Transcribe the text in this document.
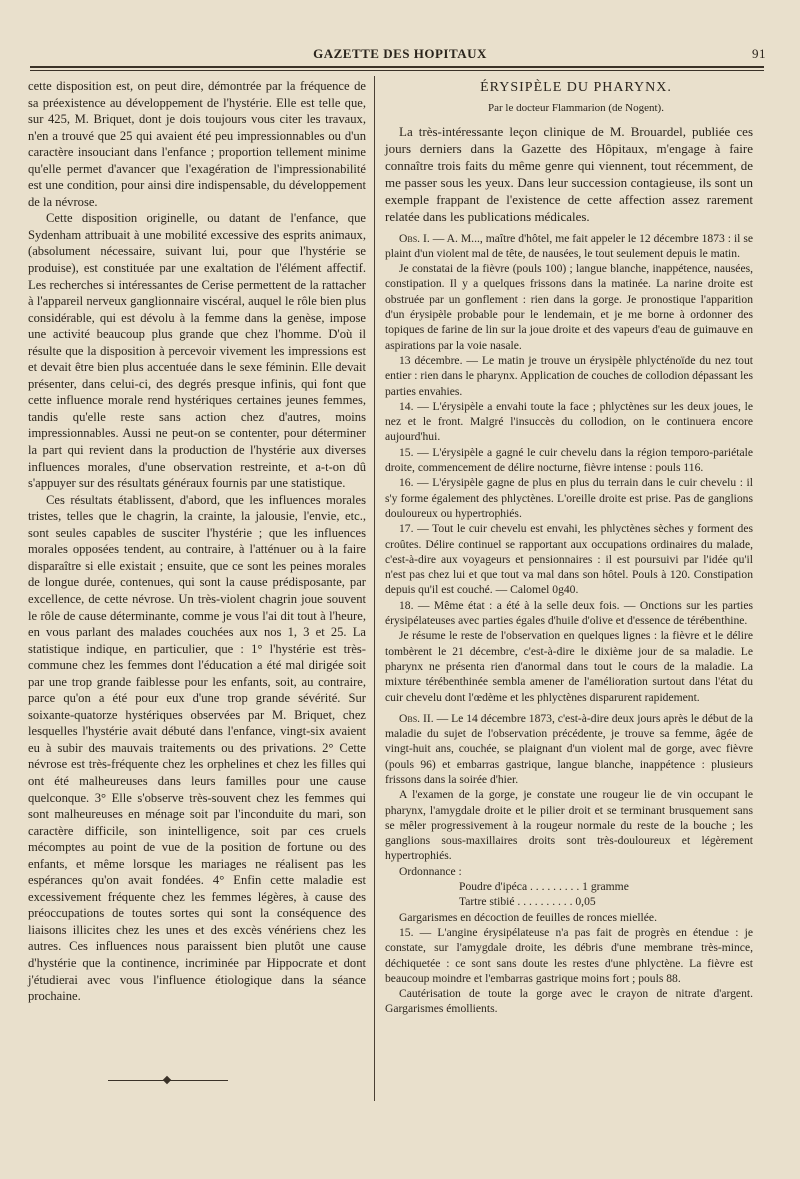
GAZETTE DES HOPITAUX	91

cette disposition est, on peut dire, démontrée par la fréquence de sa préexistence au développement de l'hystérie. Elle est telle que, sur 425, M. Briquet, dont je dois toujours vous citer les travaux, n'en a trouvé que 25 qui avaient été peu impressionnables ou d'un caractère insouciant dans l'enfance ; proportion tellement minime qu'elle permet d'avancer que l'exagération de l'impressionabilité est une condition, pour ainsi dire indispensable, du développement de la névrose.

Cette disposition originelle, ou datant de l'enfance, que Sydenham attribuait à une mobilité excessive des esprits animaux, (absolument nécessaire, suivant lui, pour que l'hystérie se produise), est constituée par une exaltation de l'élément affectif. Les recherches si intéressantes de Cerise permettent de la rattacher à l'appareil nerveux ganglionnaire viscéral, auquel le rôle bien plus considérable, qui est dévolu à la femme dans la genèse, impose une activité beaucoup plus grande que chez l'homme. D'où il résulte que la disposition à percevoir vivement les impressions est et devait être bien plus accentuée dans le sexe féminin. Elle devait présenter, dans celui-ci, des degrés presque infinis, qui font que cette influence morale rend hystériques certaines jeunes femmes, tandis qu'elle reste sans action chez d'autres, moins impressionnables. Aussi ne peut-on se contenter, pour déterminer la part qui revient dans la production de l'hystérie aux diverses influences morales, d'une observation restreinte, et a-t-on dû s'appuyer sur des résultats généraux fournis par une statistique.

Ces résultats établissent, d'abord, que les influences morales tristes, telles que le chagrin, la crainte, la jalousie, l'envie, etc., sont seules capables de susciter l'hystérie ; que les influences morales opposées tendent, au contraire, à l'atténuer ou à la faire disparaître si elle existait ; ensuite, que ce sont les peines morales de longue durée, contenues, qui sont la cause prédisposante, par excellence, de cette névrose. Un très-violent chagrin joue souvent le rôle de cause déterminante, comme je vous l'ai dit tout à l'heure, en vous parlant des malades couchées aux nos 1, 3 et 25. La statistique indique, en particulier, que : 1° l'hystérie est très-commune chez les femmes dont l'éducation a été mal dirigée soit par une trop grande faiblesse pour les enfants, soit, au contraire, parce qu'on a été pour eux d'une trop grande sévérité. Sur soixante-quatorze hystériques observées par M. Briquet, chez lesquelles l'hystérie avait débuté dans l'enfance, vingt-six avaient eu à subir des mauvais traitements ou des privations. 2° Cette névrose est très-fréquente chez les orphelines et chez les filles qui ont été malheureuses dans leurs familles pour une cause quelconque. 3° Elle s'observe très-souvent chez les femmes qui sont malheureuses en ménage soit par l'inconduite du mari, son caractère difficile, son inintelligence, soit par ces cruels mécomptes au point de vue de la position de fortune ou des enfants, et même lorsque les mariages ne réalisent pas les espérances qu'on avait fondées. 4° Enfin cette maladie est excessivement fréquente chez les femmes légères, à cause des préoccupations de toutes sortes qui sont la conséquence des liaisons illicites chez les unes et des excès vénériens chez les autres. Ces influences nous paraissent bien plutôt une cause d'hystérie que la continence, incriminée par Hippocrate et dont j'étudierai avec vous l'influence étiologique dans la séance prochaine.

ÉRYSIPÈLE DU PHARYNX.

Par le docteur Flammarion (de Nogent).

La très-intéressante leçon clinique de M. Brouardel, publiée ces jours derniers dans la Gazette des Hôpitaux, m'engage à faire connaître trois faits du même genre qui viennent, tout récemment, de me passer sous les yeux. Dans leur succession contagieuse, ils sont un exemple frappant de l'existence de cette affection assez rarement relatée dans les publications médicales.

Obs. I. — A. M..., maître d'hôtel, me fait appeler le 12 décembre 1873 : il se plaint d'un violent mal de tête, de nausées, le tout seulement depuis le matin.

Je constatai de la fièvre (pouls 100) ; langue blanche, inappétence, nausées, constipation. Il y a quelques frissons dans la matinée. La narine droite est obstruée par un gonflement : rien dans la gorge. Je pronostique l'apparition d'un érysipèle probable pour le lendemain, et je me borne à ordonner des topiques de farine de lin sur la joue droite et des vapeurs d'eau de guimauve en aspirations par la voie nasale.

13 décembre. — Le matin je trouve un érysipèle phlycténoïde du nez tout entier : rien dans le pharynx. Application de couches de collodion dépassant les parties envahies.

14. — L'érysipèle a envahi toute la face ; phlyctènes sur les deux joues, le nez et le front. Malgré l'insuccès du collodion, on le continuera encore aujourd'hui.

15. — L'érysipèle a gagné le cuir chevelu dans la région temporo-pariétale droite, commencement de délire nocturne, fièvre intense : pouls 116.

16. — L'érysipèle gagne de plus en plus du terrain dans le cuir chevelu : il s'y forme également des phlyctènes. L'oreille droite est prise. Pas de ganglions douloureux ou hypertrophiés.

17. — Tout le cuir chevelu est envahi, les phlyctènes sèches y forment des croûtes. Délire continuel se rapportant aux occupations ordinaires du malade, c'est-à-dire aux voyageurs et pensionnaires : il est poursuivi par l'idée qu'il n'est pas chez lui et que tout va mal dans son hôtel. Pouls à 120. Constipation depuis qu'il est couché. — Calomel 0g40.

18. — Même état : a été à la selle deux fois. — Onctions sur les parties érysipélateuses avec parties égales d'huile d'olive et d'essence de térébenthine.

Je résume le reste de l'observation en quelques lignes : la fièvre et le délire tombèrent le 21 décembre, c'est-à-dire le dixième jour de sa maladie. Le pharynx ne présenta rien d'anormal dans tout le cours de la maladie. La mixture térébenthinée sembla amener de l'amélioration surtout dans l'état du cuir chevelu dont l'œdème et les phlyctènes disparurent rapidement.

Obs. II. — Le 14 décembre 1873, c'est-à-dire deux jours après le début de la maladie du sujet de l'observation précédente, je trouve sa femme, âgée de vingt-huit ans, couchée, se plaignant d'un violent mal de gorge, avec fièvre (pouls 96) et embarras gastrique, langue blanche, inappétence : plusieurs frissons dans la soirée d'hier.

A l'examen de la gorge, je constate une rougeur lie de vin occupant le pharynx, l'amygdale droite et le pilier droit et se terminant brusquement sans se mêler progressivement à la rougeur normale du reste de la bouche ; les ganglions sous-maxillaires droits sont très-douloureux et légèrement hypertrophiés.

Ordonnance :

Poudre d'ipéca . . . . . . . . . 1 gramme

Tartre stibié . . . . . . . . . . 0,05

Gargarismes en décoction de feuilles de ronces miellée.

15. — L'angine érysipélateuse n'a pas fait de progrès en étendue : je constate, sur l'amygdale droite, les débris d'une membrane très-mince, déchiquetée : ce sont sans doute les restes d'une phlyctène. La fièvre est beaucoup moindre et l'embarras gastrique moins fort ; pouls 88.

Cautérisation de toute la gorge avec le crayon de nitrate d'argent. Gargarismes émollients.
